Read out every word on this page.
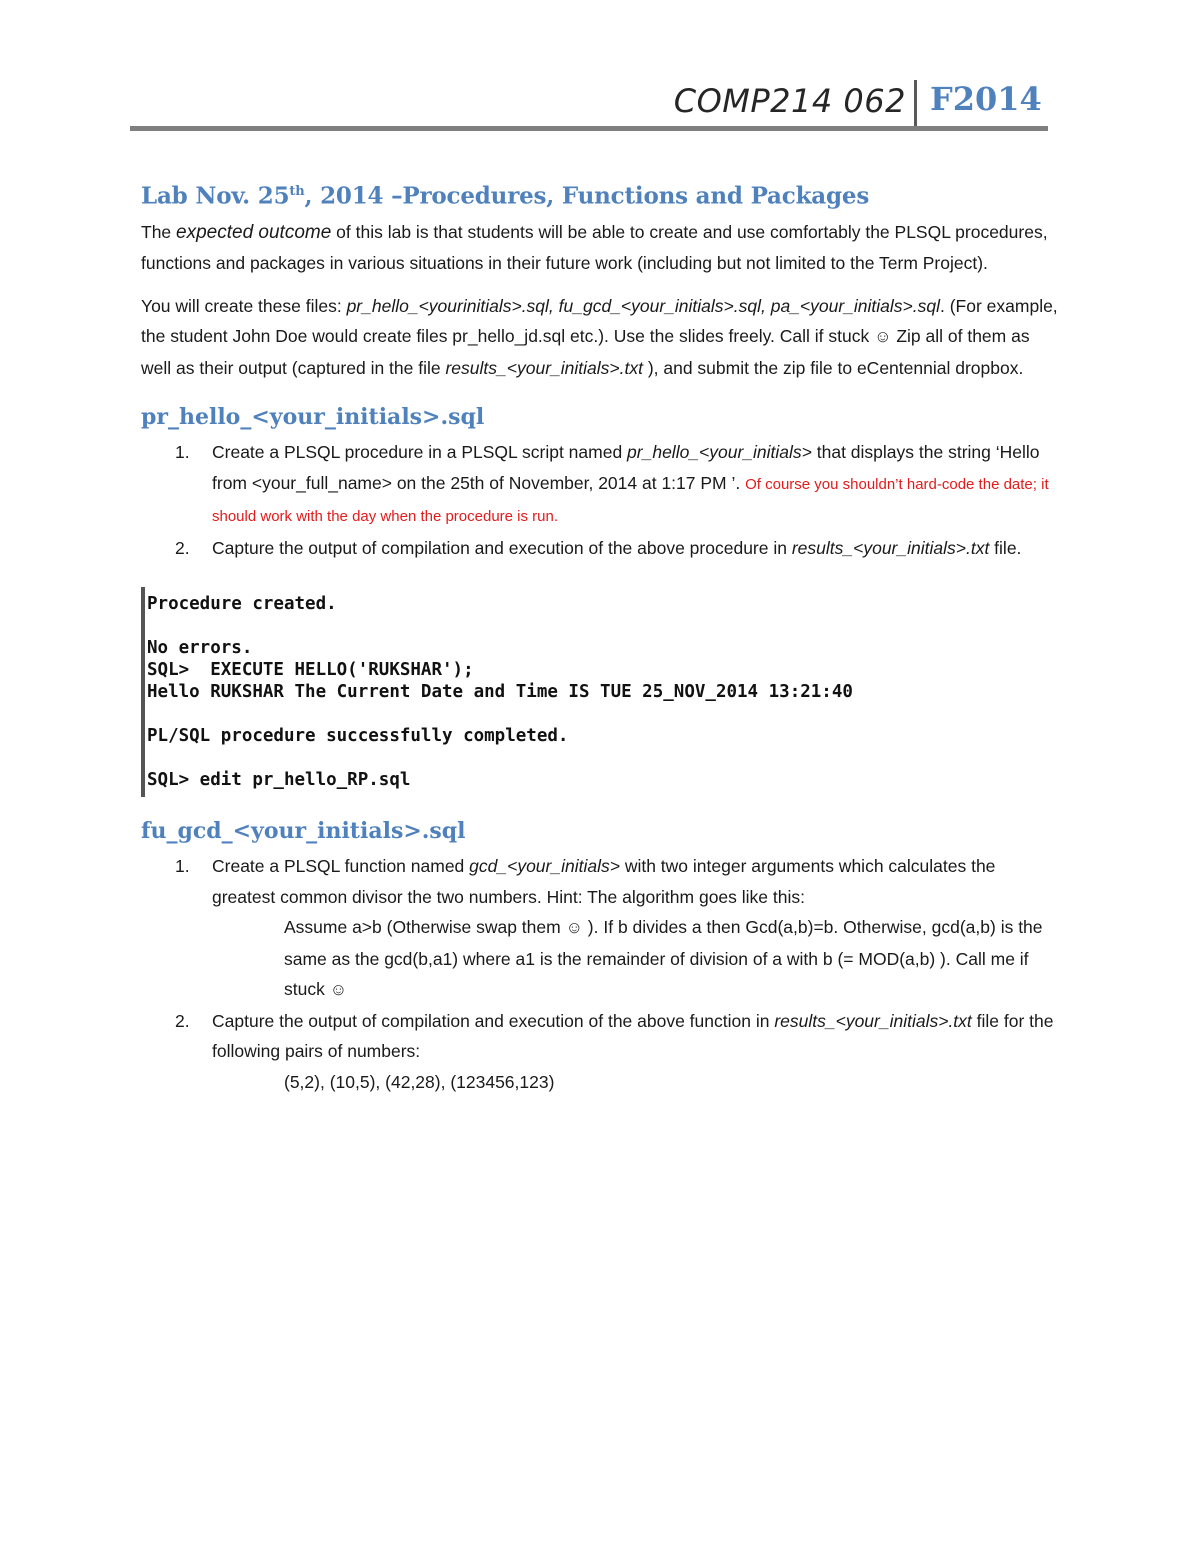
COMP214 062 F2014
Lab Nov. 25th, 2014 –Procedures, Functions and Packages

The expected outcome of this lab is that students will be able to create and use comfortably the PLSQL procedures, functions and packages in various situations in their future work (including but not limited to the Term Project).

You will create these files: pr_hello_<yourinitials>.sql, fu_gcd_<your_initials>.sql, pa_<your_initials>.sql. (For example, the student John Doe would create files pr_hello_jd.sql etc.). Use the slides freely. Call if stuck ☺ Zip all of them as well as their output (captured in the file results_<your_initials>.txt ), and submit the zip file to eCentennial dropbox.

pr_hello_<your_initials>.sql
1. Create a PLSQL procedure in a PLSQL script named pr_hello_<your_initials> that displays the string ‘Hello from <your_full_name> on the 25th of November, 2014 at 1:17 PM ’. Of course you shouldn’t hard-code the date; it should work with the day when the procedure is run.
2. Capture the output of compilation and execution of the above procedure in results_<your_initials>.txt file.
Procedure created.

No errors.
SQL>  EXECUTE HELLO('RUKSHAR');
Hello RUKSHAR The Current Date and Time IS TUE 25_NOV_2014 13:21:40

PL/SQL procedure successfully completed.

SQL> edit pr_hello_RP.sql
fu_gcd_<your_initials>.sql
1. Create a PLSQL function named gcd_<your_initials> with two integer arguments which calculates the greatest common divisor the two numbers. Hint: The algorithm goes like this:
Assume a>b (Otherwise swap them ☺ ). If b divides a then Gcd(a,b)=b. Otherwise, gcd(a,b) is the same as the gcd(b,a1) where a1 is the remainder of division of a with b (= MOD(a,b) ). Call me if stuck ☺
2. Capture the output of compilation and execution of the above function in results_<your_initials>.txt file for the following pairs of numbers:
(5,2), (10,5), (42,28), (123456,123)
